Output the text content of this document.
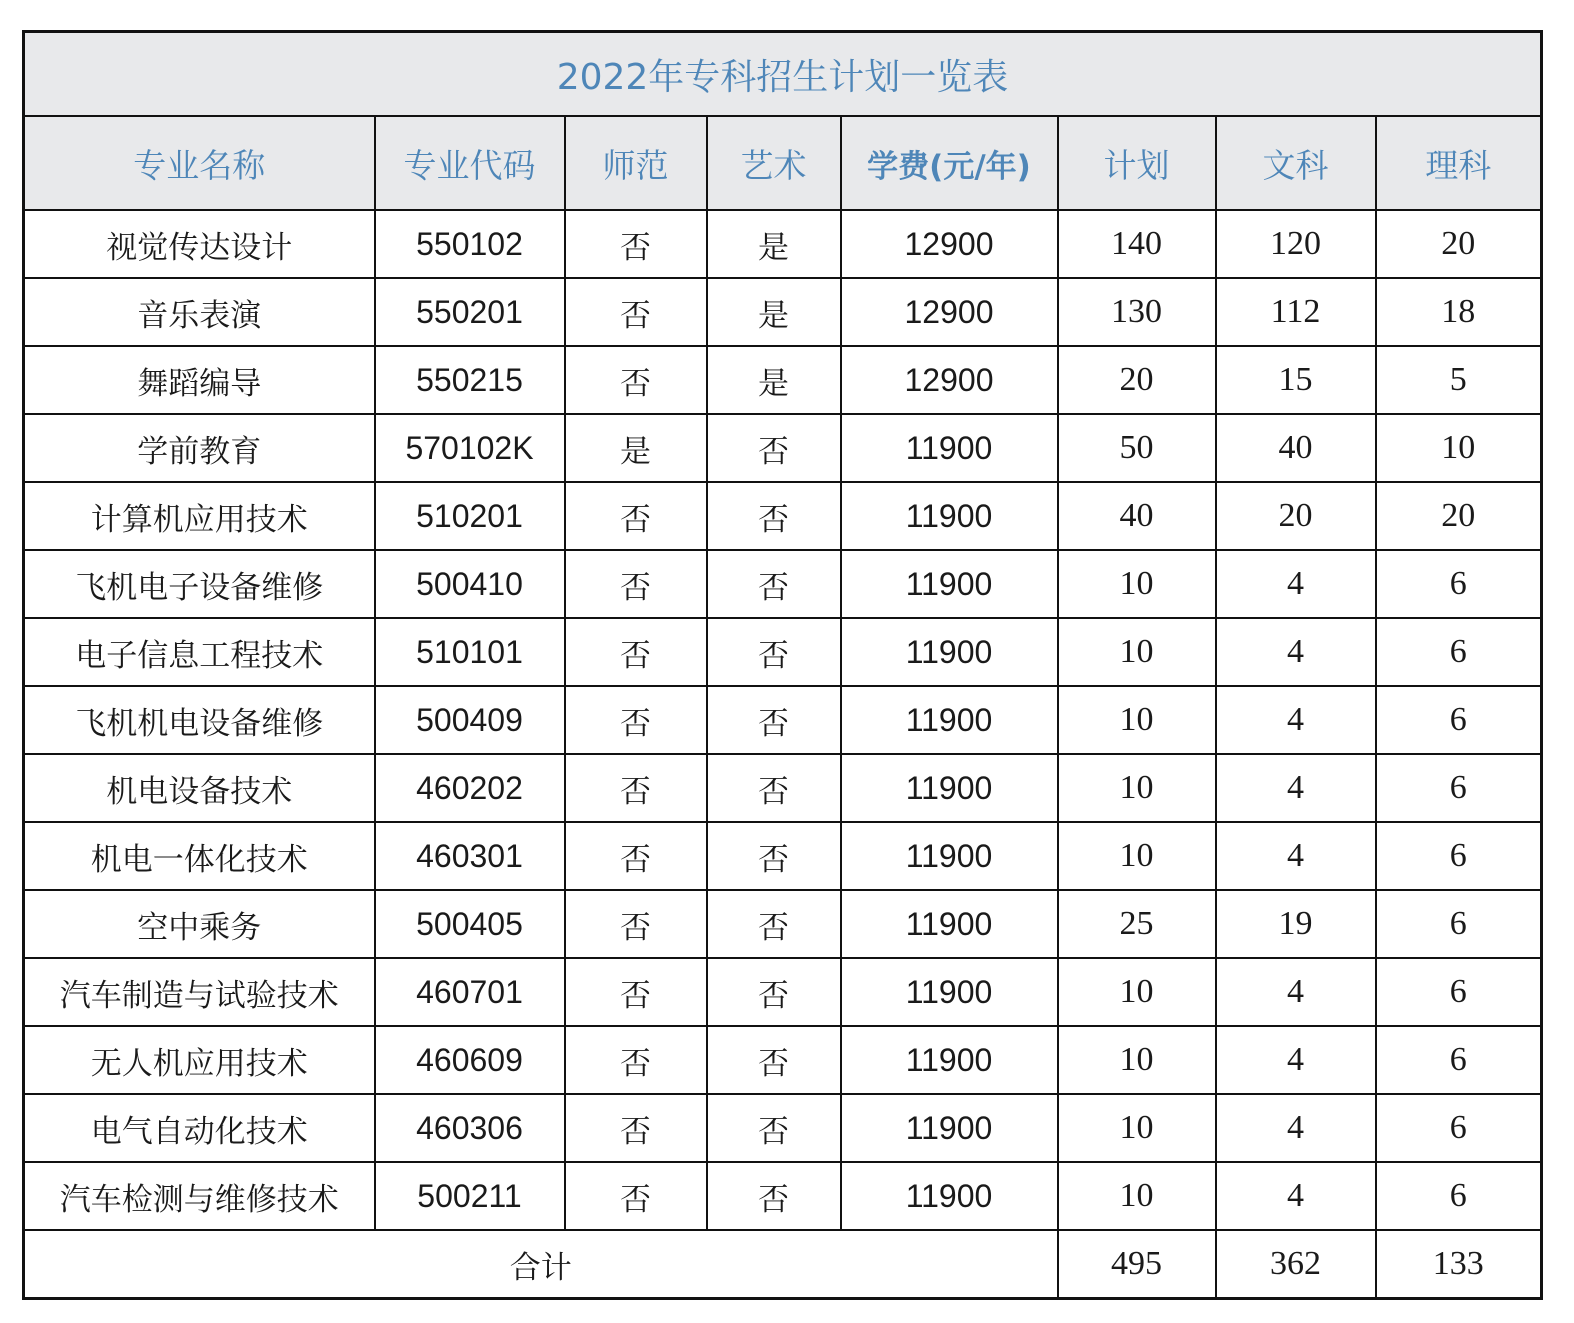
2022年专科招生计划一览表							
专业名称	专业代码	师范	艺术	学费(元/年)	计划	文科	理科
视觉传达设计	550102	否	是	12900	140	120	20
音乐表演	550201	否	是	12900	130	112	18
舞蹈编导	550215	否	是	12900	20	15	5
学前教育	570102K	是	否	11900	50	40	10
计算机应用技术	510201	否	否	11900	40	20	20
飞机电子设备维修	500410	否	否	11900	10	4	6
电子信息工程技术	510101	否	否	11900	10	4	6
飞机机电设备维修	500409	否	否	11900	10	4	6
机电设备技术	460202	否	否	11900	10	4	6
机电一体化技术	460301	否	否	11900	10	4	6
空中乘务	500405	否	否	11900	25	19	6
汽车制造与试验技术	460701	否	否	11900	10	4	6
无人机应用技术	460609	否	否	11900	10	4	6
电气自动化技术	460306	否	否	11900	10	4	6
汽车检测与维修技术	500211	否	否	11900	10	4	6
合计					495	362	133
